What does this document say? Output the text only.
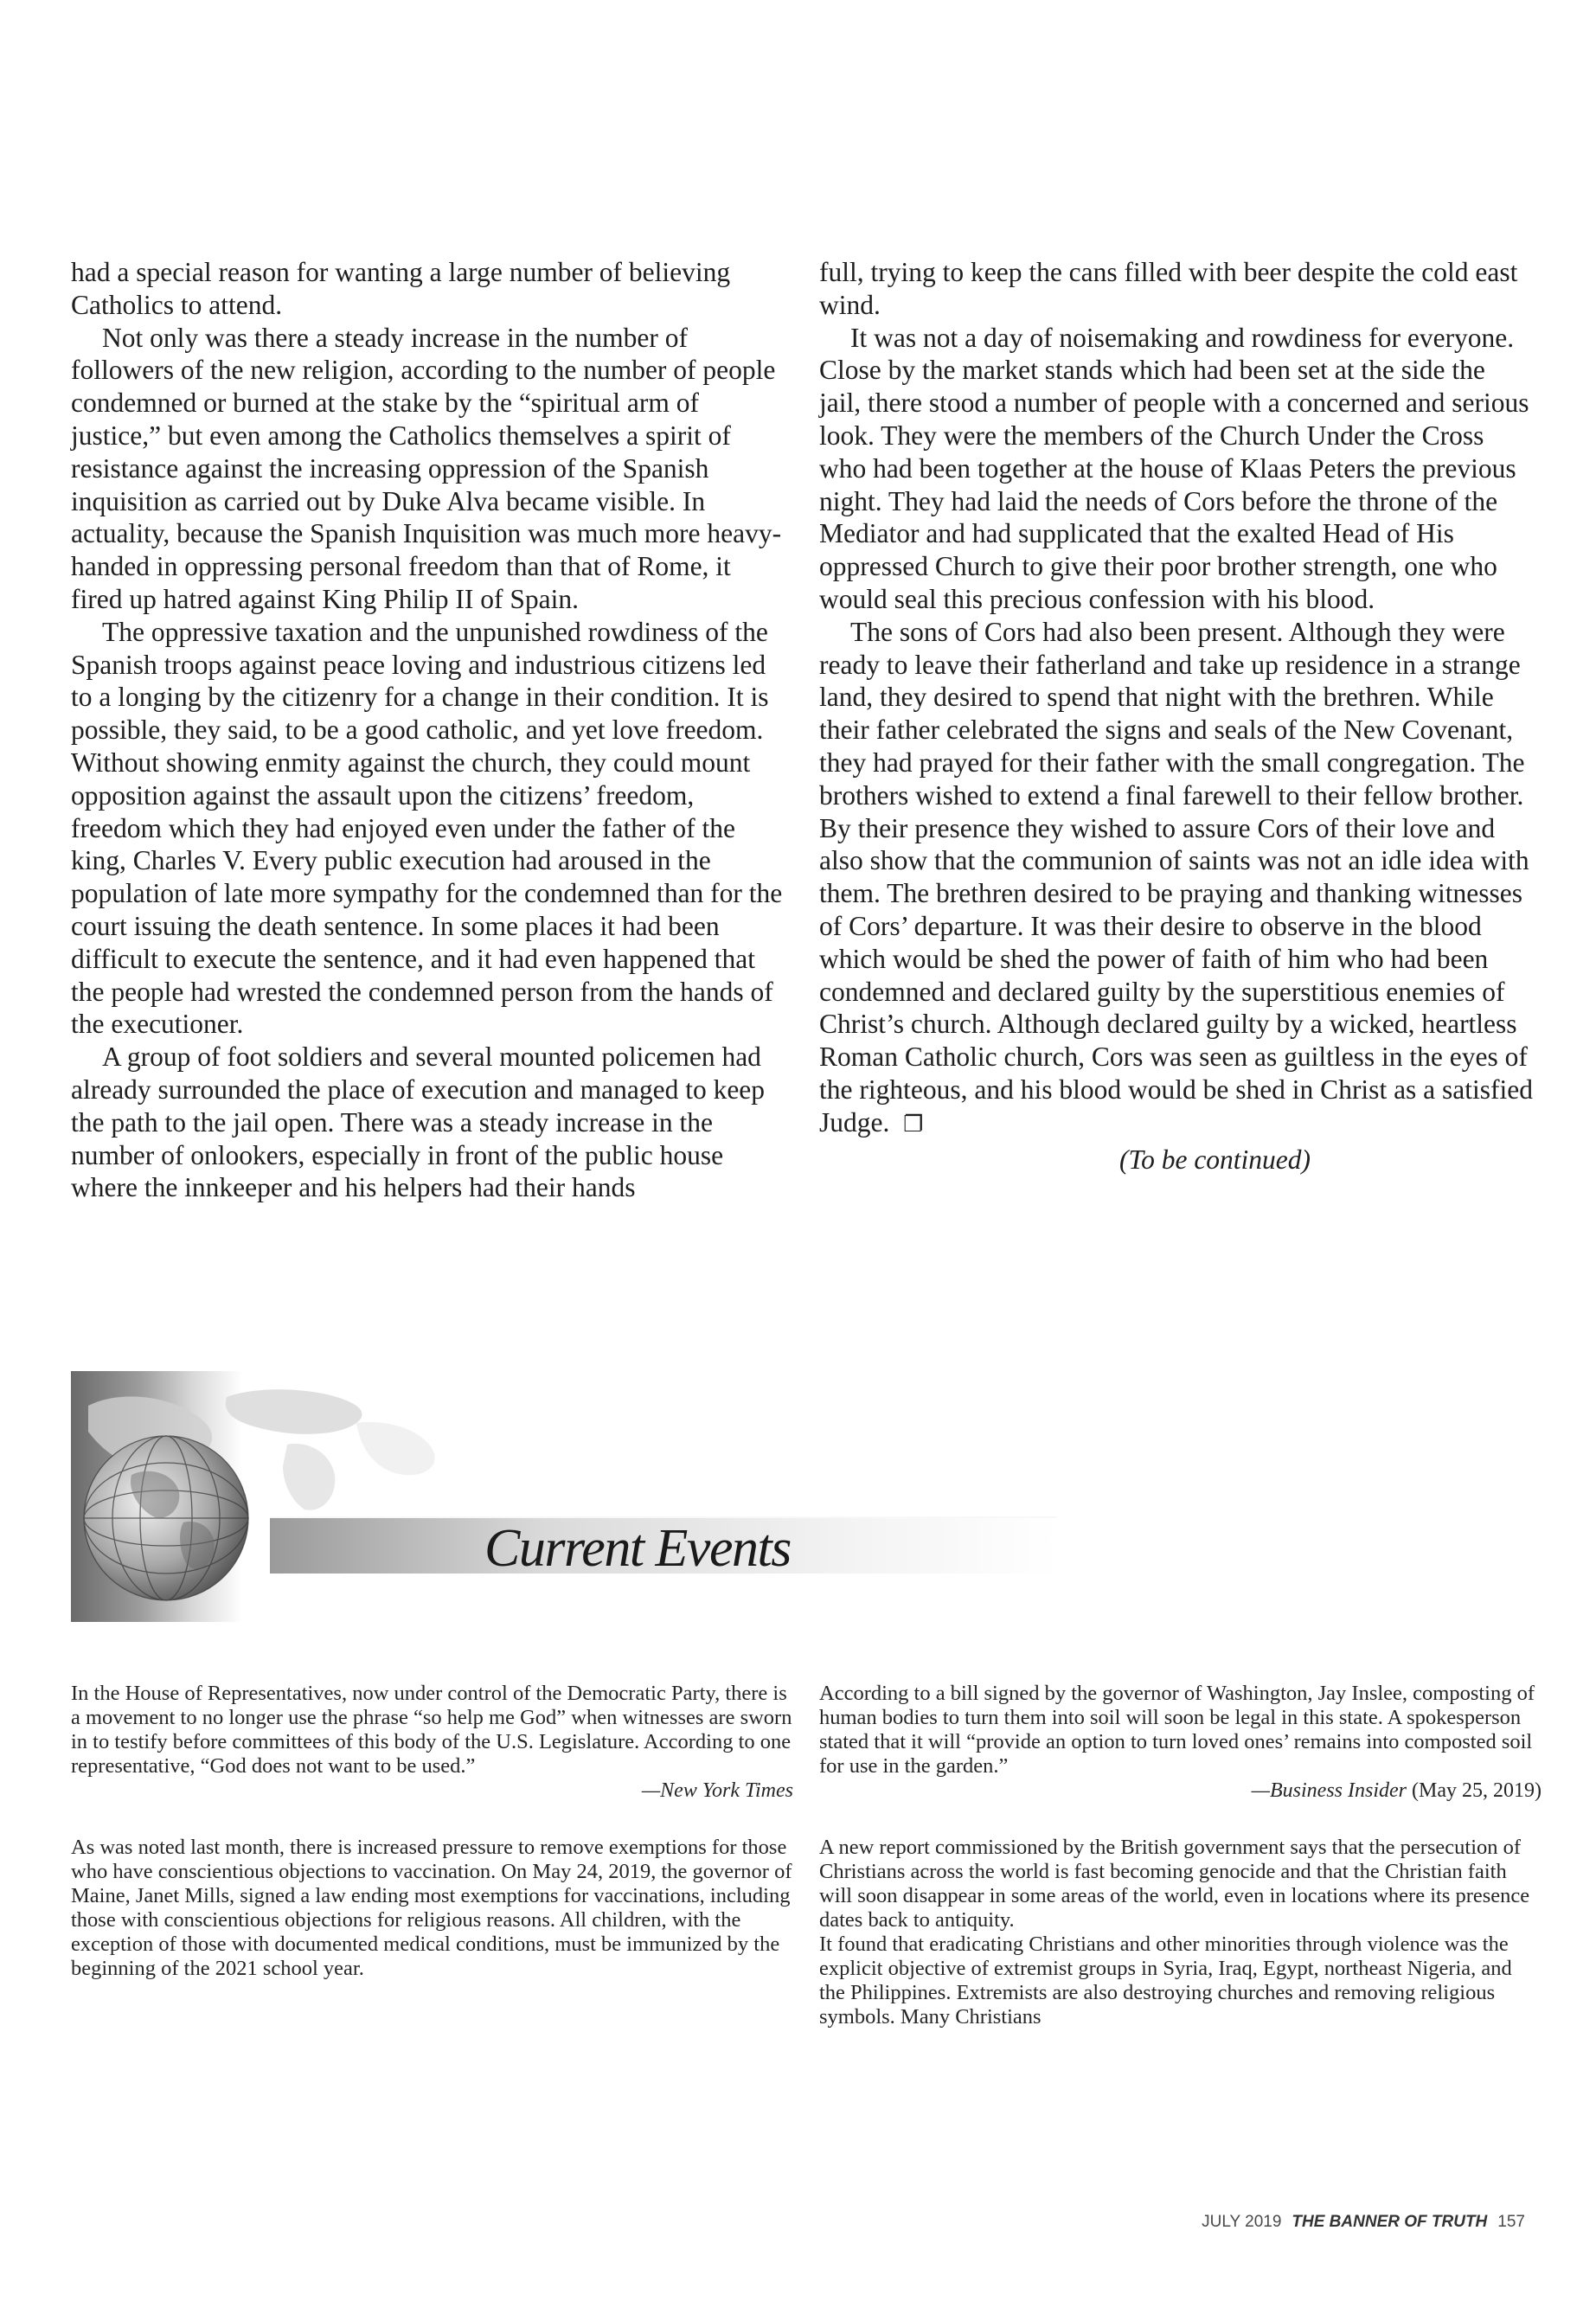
had a special reason for wanting a large number of believing Catholics to attend.

Not only was there a steady increase in the number of followers of the new religion, according to the number of people condemned or burned at the stake by the “spiritual arm of justice,” but even among the Catholics themselves a spirit of resistance against the increasing oppression of the Spanish inquisition as carried out by Duke Alva became visible. In actuality, because the Spanish Inquisition was much more heavy-handed in oppressing personal freedom than that of Rome, it fired up hatred against King Philip II of Spain.

The oppressive taxation and the unpunished rowdiness of the Spanish troops against peace loving and industrious citizens led to a longing by the citizenry for a change in their condition. It is possible, they said, to be a good catholic, and yet love freedom. Without showing enmity against the church, they could mount opposition against the assault upon the citizens’ freedom, freedom which they had enjoyed even under the father of the king, Charles V. Every public execution had aroused in the population of late more sympathy for the condemned than for the court issuing the death sentence. In some places it had been difficult to execute the sentence, and it had even happened that the people had wrested the condemned person from the hands of the executioner.

A group of foot soldiers and several mounted policemen had already surrounded the place of execution and managed to keep the path to the jail open. There was a steady increase in the number of onlookers, especially in front of the public house where the innkeeper and his helpers had their hands

full, trying to keep the cans filled with beer despite the cold east wind.

It was not a day of noisemaking and rowdiness for everyone. Close by the market stands which had been set at the side the jail, there stood a number of people with a concerned and serious look. They were the members of the Church Under the Cross who had been together at the house of Klaas Peters the previous night. They had laid the needs of Cors before the throne of the Mediator and had supplicated that the exalted Head of His oppressed Church to give their poor brother strength, one who would seal this precious confession with his blood.

The sons of Cors had also been present. Although they were ready to leave their fatherland and take up residence in a strange land, they desired to spend that night with the brethren. While their father celebrated the signs and seals of the New Covenant, they had prayed for their father with the small congregation. The brothers wished to extend a final farewell to their fellow brother. By their presence they wished to assure Cors of their love and also show that the communion of saints was not an idle idea with them. The brethren desired to be praying and thanking witnesses of Cors’ departure. It was their desire to observe in the blood which would be shed the power of faith of him who had been condemned and declared guilty by the superstitious enemies of Christ’s church. Although declared guilty by a wicked, heartless Roman Catholic church, Cors was seen as guiltless in the eyes of the righteous, and his blood would be shed in Christ as a satisfied Judge. ❐

(To be continued)

Current Events

In the House of Representatives, now under control of the Democratic Party, there is a movement to no longer use the phrase “so help me God” when witnesses are sworn in to testify before committees of this body of the U.S. Legislature. According to one representative, “God does not want to be used.”

—New York Times

As was noted last month, there is increased pressure to remove exemptions for those who have conscientious objections to vaccination. On May 24, 2019, the governor of Maine, Janet Mills, signed a law ending most exemptions for vaccinations, including those with conscientious objections for religious reasons. All children, with the exception of those with documented medical conditions, must be immunized by the beginning of the 2021 school year.

According to a bill signed by the governor of Washington, Jay Inslee, composting of human bodies to turn them into soil will soon be legal in this state. A spokesperson stated that it will “provide an option to turn loved ones’ remains into composted soil for use in the garden.”

—Business Insider (May 25, 2019)

A new report commissioned by the British government says that the persecution of Christians across the world is fast becoming genocide and that the Christian faith will soon disappear in some areas of the world, even in locations where its presence dates back to antiquity.

It found that eradicating Christians and other minorities through violence was the explicit objective of extremist groups in Syria, Iraq, Egypt, northeast Nigeria, and the Philippines. Extremists are also destroying churches and removing religious symbols. Many Christians

JULY 2019 THE BANNER OF TRUTH 157
